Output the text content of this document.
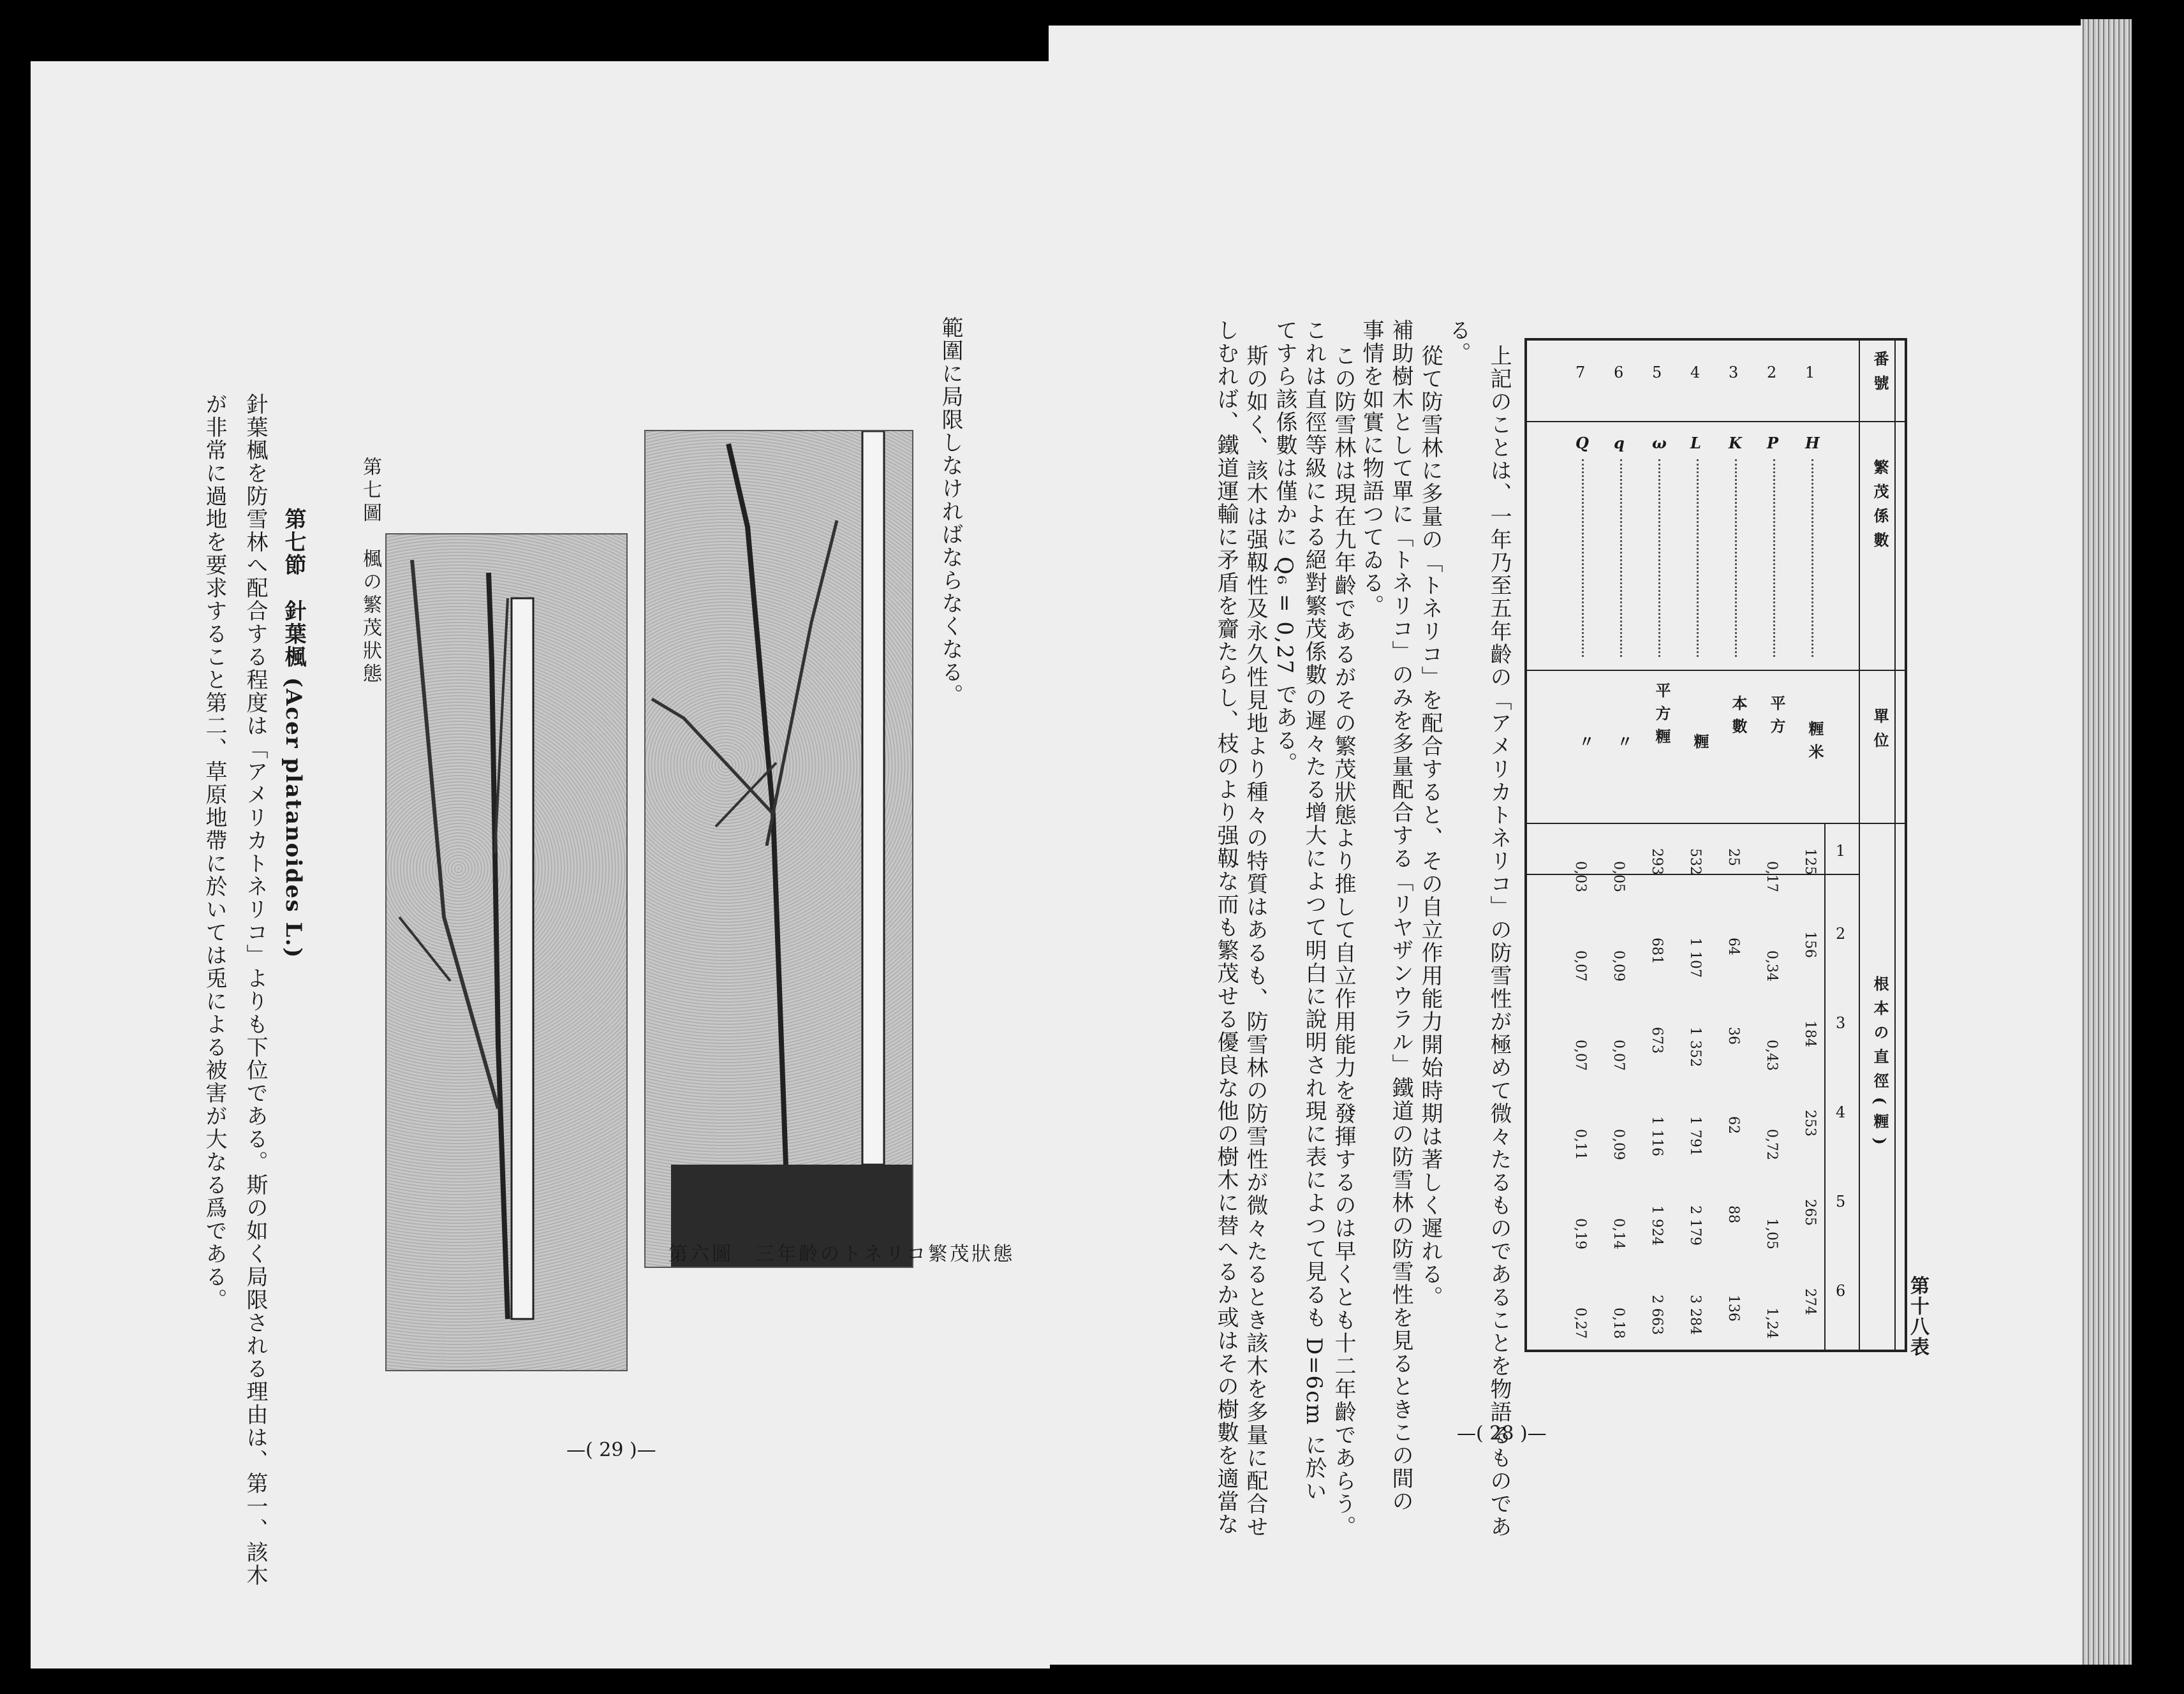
第六圖　三年齡のトネリコ繁茂狀態
第七圖　楓の繁茂狀態	範圍に局限しなければならなくなる。
第七節　針葉楓 (Acer platanoides L.)
針葉楓を防雪林へ配合する程度は「アメリカトネリコ」よりも下位である。斯の如く局限される理由は、第一、該木
が非常に過地を要求すること第二、草原地帶に於いては兎による被害が大なる爲である。
—( 29 )—
第十八表
上記のことは、一年乃至五年齡の「アメリカトネリコ」の防雪性が極めて微々たるものであることを物語るものであ
る。
從て防雪林に多量の「トネリコ」を配合すると、その自立作用能力開始時期は著しく遲れる。
補助樹木として單に「トネリコ」のみを多量配合する「リヤザンウラル」鐵道の防雪林の防雪性を見るときこの間の
事情を如實に物語つてゐる。
この防雪林は現在九年齡であるがその繁茂狀態より推して自立作用能力を發揮するのは早くとも十二年齡であらう。
これは直徑等級による絕對繁茂係數の遲々たる增大によつて明白に說明され現に表によつて見るも D=6cm に於い
てすら該係數は僅かに Q₆ = 0,27 である。
斯の如く、該木は强靱性及永久性見地より種々の特質はあるも、防雪林の防雪性が微々たるとき該木を多量に配合せ
しむれば、鐵道運輸に矛盾を齎たらし、枝のより强靱な而も繁茂せる優良な他の樹木に替へるか或はその樹數を適當な	—( 28 )—
番號
繁茂係數
單位
根本の直徑(糎)
1
2
3
4
5
6
1
H
糎米
125
156
184
253
265
274
2
P
平方
0,17
0,34
0,43
0,72
1,05
1,24
3
K
本數
25
64
36
62
88
136
4
L
糎
532
1 107
1 352
1 791
2 179
3 284
5
ω
平方糎
293
681
673
1 116
1 924
2 663
6
q
〃
0,05
0,09
0,07
0,09
0,14
0,18
7
Q
〃
0,03
0,07
0,07
0,11
0,19
0,27
